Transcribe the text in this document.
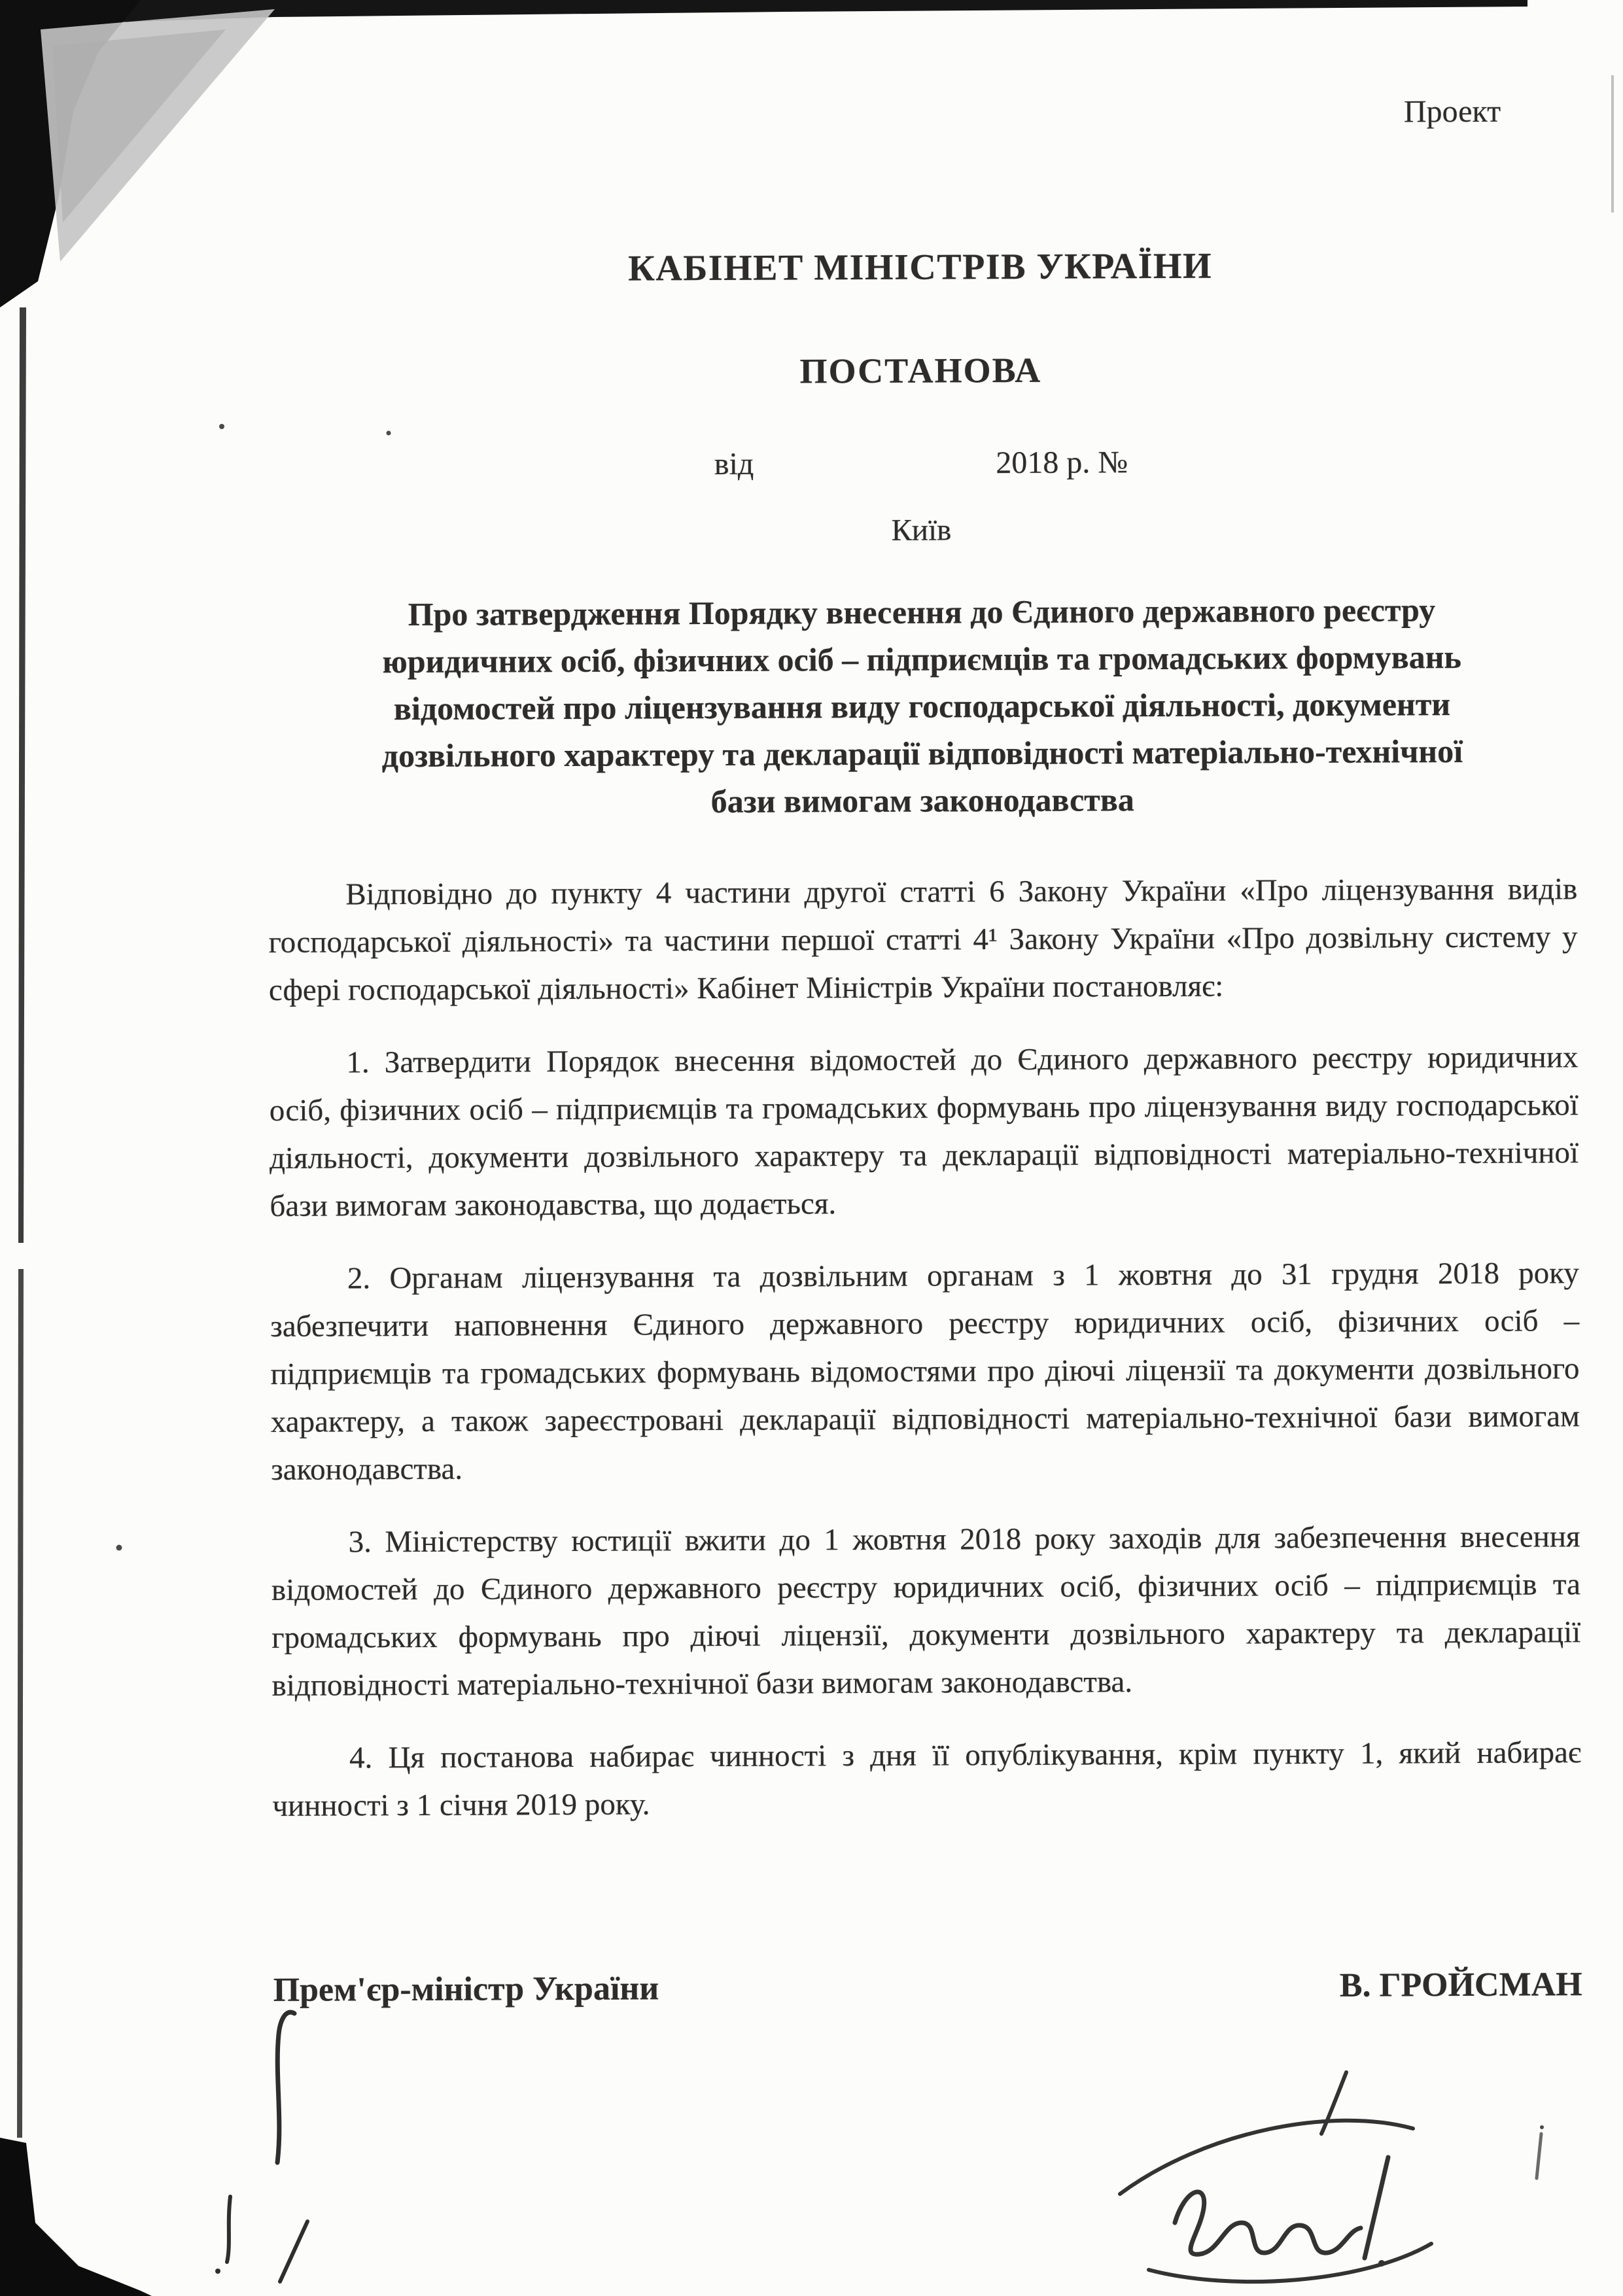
Проект
КАБІНЕТ МІНІСТРІВ УКРАЇНИ
ПОСТАНОВА
від	2018 р. №
Київ
Про затвердження Порядку внесення до Єдиного державного реєстру
юридичних осіб, фізичних осіб – підприємців та громадських формувань
відомостей про ліцензування виду господарської діяльності, документи
дозвільного характеру та декларації відповідності матеріально-технічної
бази вимогам законодавства

Відповідно до пункту 4 частини другої статті 6 Закону України «Про ліцензування видів господарської діяльності» та частини першої статті 4¹ Закону України «Про дозвільну систему у сфері господарської діяльності» Кабінет Міністрів України постановляє:

1. Затвердити Порядок внесення відомостей до Єдиного державного реєстру юридичних осіб, фізичних осіб – підприємців та громадських формувань про ліцензування виду господарської діяльності, документи дозвільного характеру та декларації відповідності матеріально-технічної бази вимогам законодавства, що додається.

2. Органам ліцензування та дозвільним органам з 1 жовтня до 31 грудня 2018 року забезпечити наповнення Єдиного державного реєстру юридичних осіб, фізичних осіб – підприємців та громадських формувань відомостями про діючі ліцензії та документи дозвільного характеру, а також зареєстровані декларації відповідності матеріально-технічної бази вимогам законодавства.

3. Міністерству юстиції вжити до 1 жовтня 2018 року заходів для забезпечення внесення відомостей до Єдиного державного реєстру юридичних осіб, фізичних осіб – підприємців та громадських формувань про діючі ліцензії, документи дозвільного характеру та декларації відповідності матеріально-технічної бази вимогам законодавства.

4. Ця постанова набирає чинності з дня її опублікування, крім пункту 1, який набирає чинності з 1 січня 2019 року.

Прем'єр-міністр України	В. ГРОЙСМАН
